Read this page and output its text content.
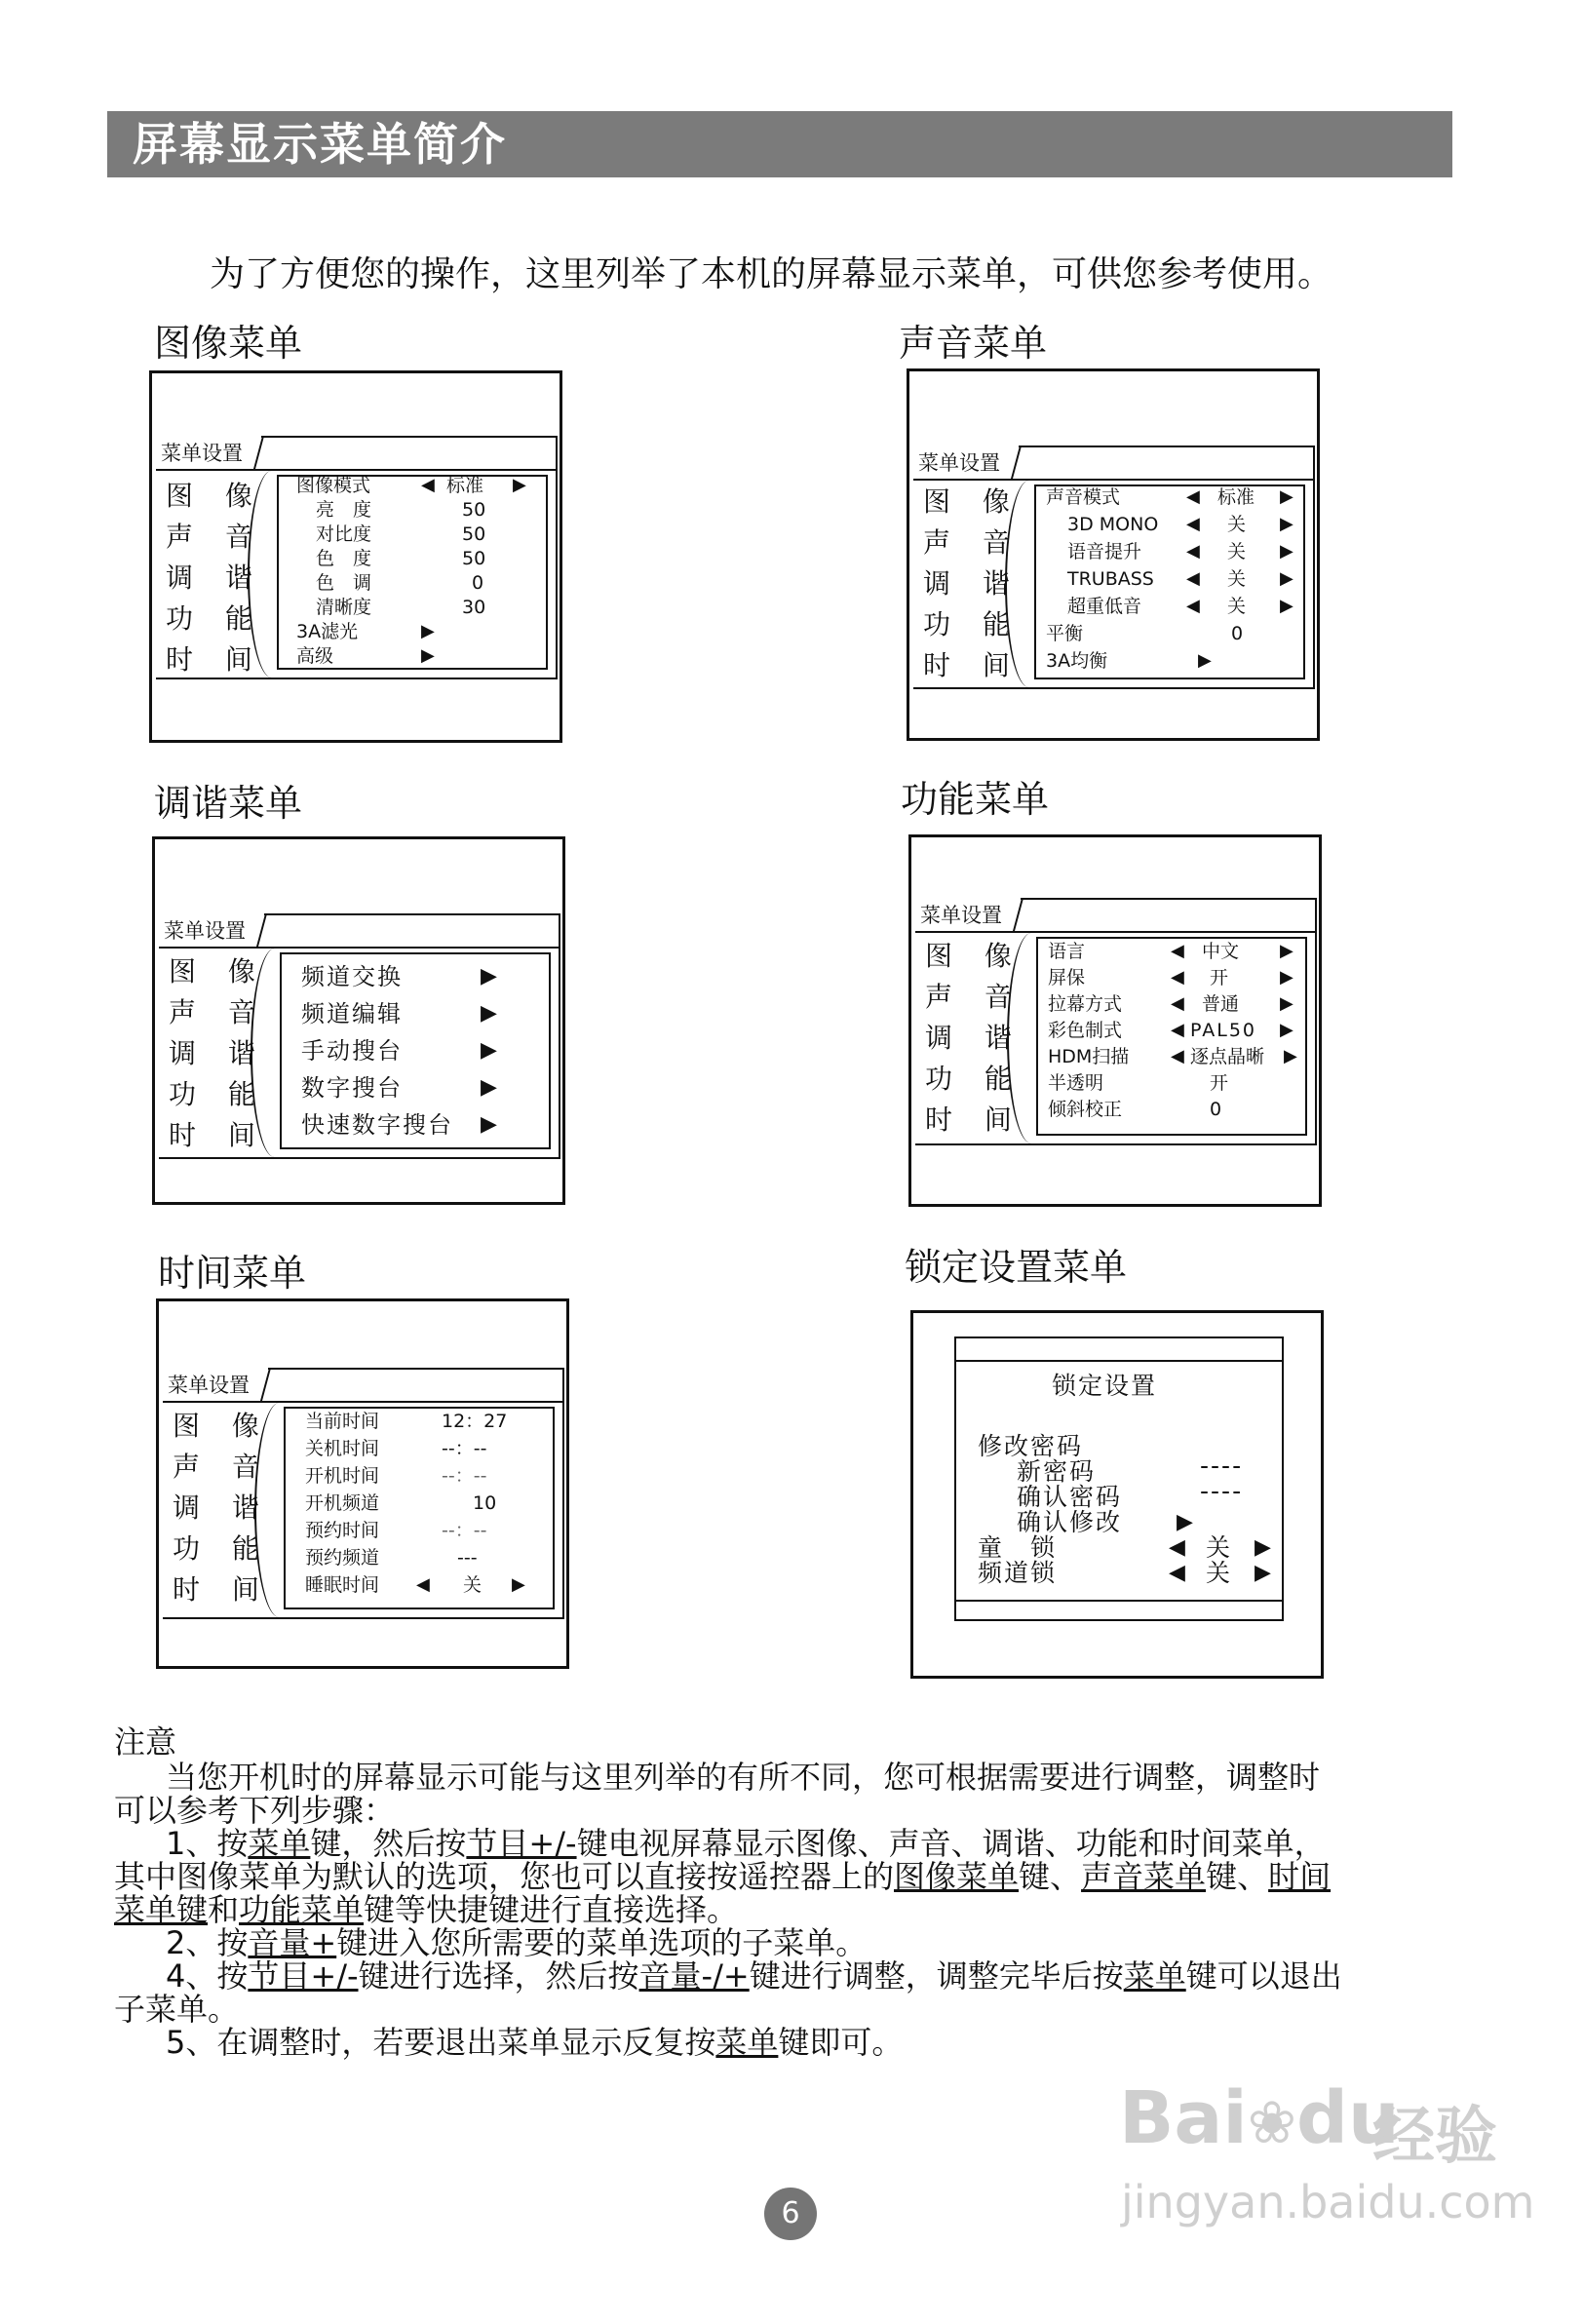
屏幕显示菜单简介
为了方便您的操作，这里列举了本机的屏幕显示菜单，可供您参考使用。
图像菜单
菜单设置
图 像
声 音
调 谐
功 能
时 间
图像模式	◀ 标准 ▶
亮　度	50
对比度	50
色　度	50
色　调	0
清晰度	30
3A滤光	▶
高级	▶
声音菜单
菜单设置
图 像
声 音
调 谐
功 能
时 间
声音模式	◀ 标准 ▶
3D MONO ◀ 关 ▶
语音提升	◀ 关 ▶
TRUBASS ◀ 关 ▶
超重低音	◀ 关 ▶
平衡	0
3A均衡	▶
调谐菜单
菜单设置
图 像
声 音
调 谐
功 能
时 间
频道交换	▶
频道编辑	▶
手动搜台	▶
数字搜台	▶
快速数字搜台 ▶
功能菜单
菜单设置
图 像
声 音
调 谐
功 能
时 间
语言	◀ 中文 ▶
屏保	◀ 开	▶
拉幕方式	◀ 普通 ▶
彩色制式	◀ PAL50 ▶
HDM扫描 ◀ 逐点晶晰 ▶
半透明	开
倾斜校正	0
时间菜单
菜单设置
图 像
声 音
调 谐
功 能
时 间
当前时间	12：27
关机时间	--：--
开机时间	--：--
开机频道	10
预约时间	--：--
预约频道	---
睡眠时间 ◀ 关 ▶
锁定设置菜单
锁定设置
修改密码
新密码	----
确认密码	----
确认修改	▶
童　锁	◀ 关 ▶
频道锁	◀ 关 ▶
注意
当您开机时的屏幕显示可能与这里列举的有所不同，您可根据需要进行调整，调整时
可以参考下列步骤：
1、按菜单键，然后按节目+/-键电视屏幕显示图像、声音、调谐、功能和时间菜单，
其中图像菜单为默认的选项，您也可以直接按遥控器上的图像菜单键、声音菜单键、时间
菜单键和功能菜单键等快捷键进行直接选择。
2、按音量+键进入您所需要的菜单选项的子菜单。
4、按节目+/-键进行选择，然后按音量-/+键进行调整，调整完毕后按菜单键可以退出
子菜单。
5、在调整时，若要退出菜单显示反复按菜单键即可。
Bai❀du
经验
jingyan.baidu.com
6
